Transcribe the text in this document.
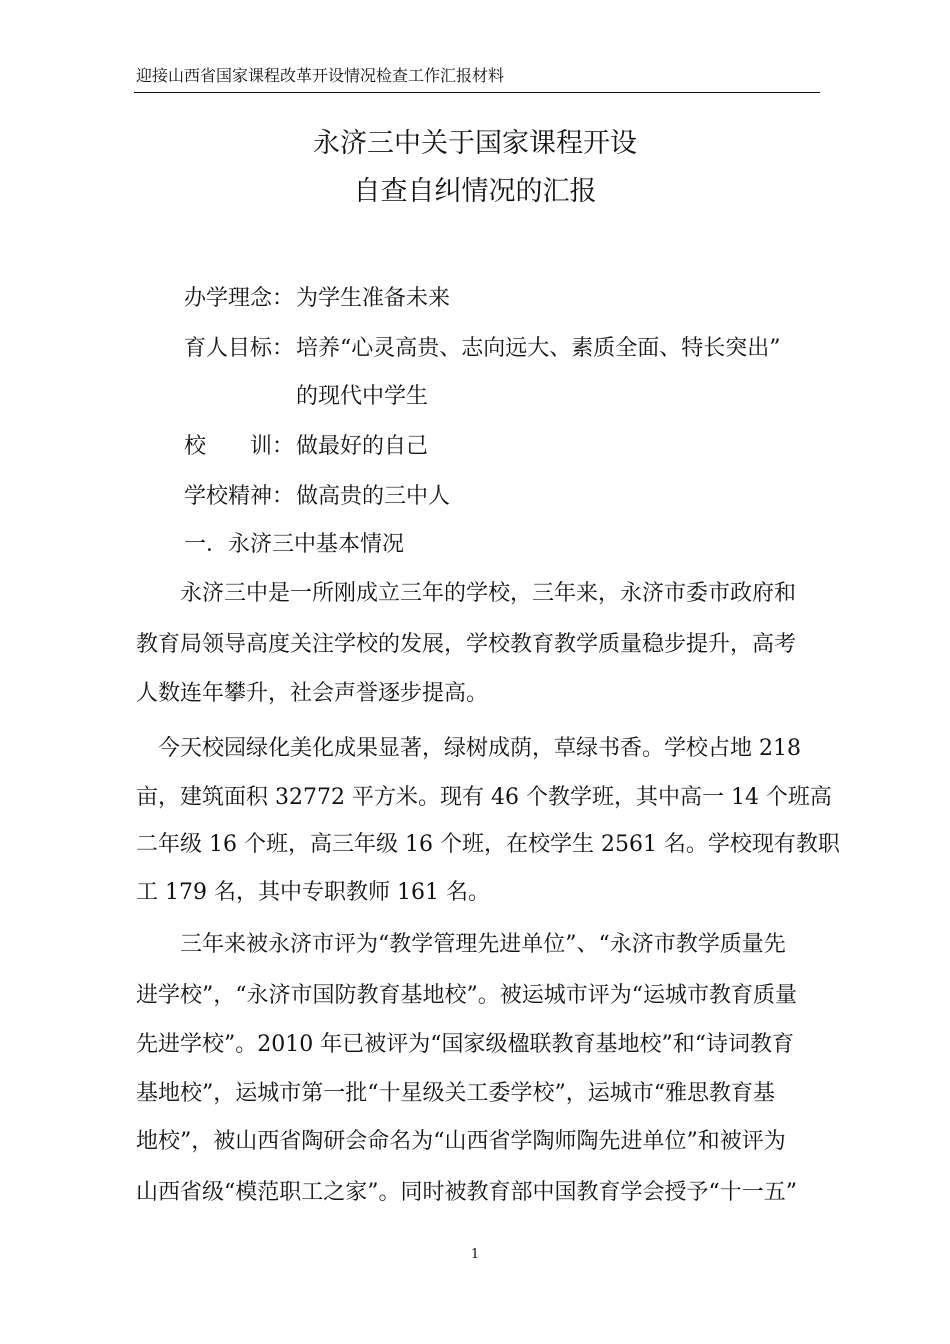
迎接山西省国家课程改革开设情况检查工作汇报材料
永济三中关于国家课程开设
自查自纠情况的汇报
办学理念：为学生准备未来
育人目标：培养“心灵高贵、志向远大、素质全面、特长突出”
的现代中学生
校　　训：做最好的自己
学校精神：做高贵的三中人
一．永济三中基本情况
　　永济三中是一所刚成立三年的学校，三年来，永济市委市政府和
教育局领导高度关注学校的发展，学校教育教学质量稳步提升，高考
人数连年攀升，社会声誉逐步提高。
　今天校园绿化美化成果显著，绿树成荫，草绿书香。学校占地 218
亩，建筑面积 32772 平方米。现有 46 个教学班，其中高一 14 个班高
二年级 16 个班，高三年级 16 个班，在校学生 2561 名。学校现有教职
工 179 名，其中专职教师 161 名。
　　三年来被永济市评为“教学管理先进单位”、“永济市教学质量先
进学校”，“永济市国防教育基地校”。被运城市评为“运城市教育质量
先进学校”。2010 年已被评为“国家级楹联教育基地校”和“诗词教育
基地校”，运城市第一批“十星级关工委学校”，运城市“雅思教育基
地校”，被山西省陶研会命名为“山西省学陶师陶先进单位”和被评为
山西省级“模范职工之家”。同时被教育部中国教育学会授予“十一五”
1
